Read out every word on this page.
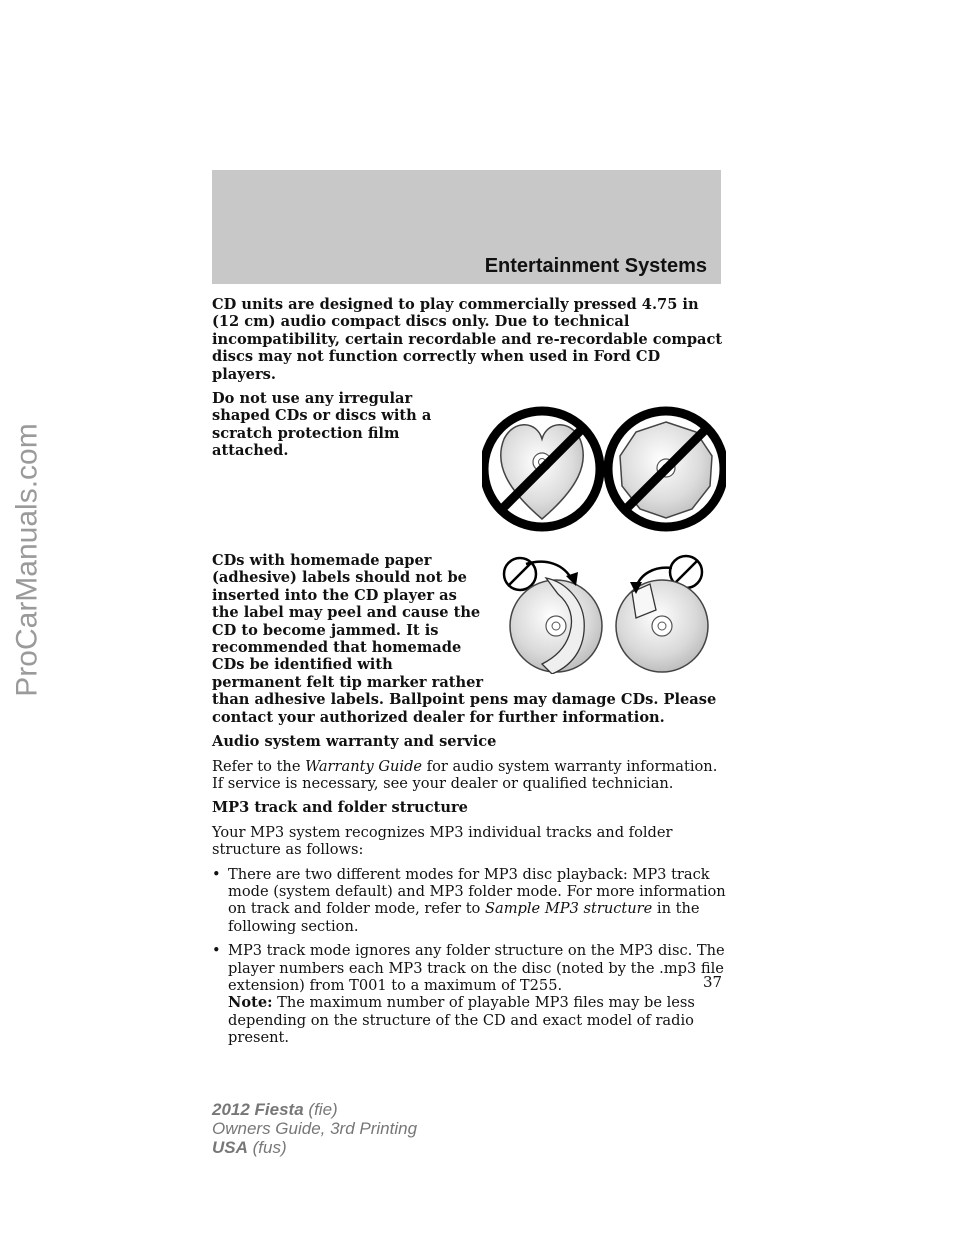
ProCarManuals.com
Entertainment Systems

CD units are designed to play commercially pressed 4.75 in (12 cm) audio compact discs only. Due to technical incompatibility, certain recordable and re-recordable compact discs may not function correctly when used in Ford CD players.

Do not use any irregular shaped CDs or discs with a scratch protection film attached.

CDs with homemade paper (adhesive) labels should not be inserted into the CD player as the label may peel and cause the CD to become jammed. It is recommended that homemade CDs be identified with permanent felt tip marker rather than adhesive labels. Ballpoint pens may damage CDs. Please contact your authorized dealer for further information.

Audio system warranty and service

Refer to the Warranty Guide for audio system warranty information. If service is necessary, see your dealer or qualified technician.

MP3 track and folder structure

Your MP3 system recognizes MP3 individual tracks and folder structure as follows:

• There are two different modes for MP3 disc playback: MP3 track mode (system default) and MP3 folder mode. For more information on track and folder mode, refer to Sample MP3 structure in the following section.
• MP3 track mode ignores any folder structure on the MP3 disc. The player numbers each MP3 track on the disc (noted by the .mp3 file extension) from T001 to a maximum of T255.
Note: The maximum number of playable MP3 files may be less depending on the structure of the CD and exact model of radio present.

37

2012 Fiesta (fie)
Owners Guide, 3rd Printing
USA (fus)
